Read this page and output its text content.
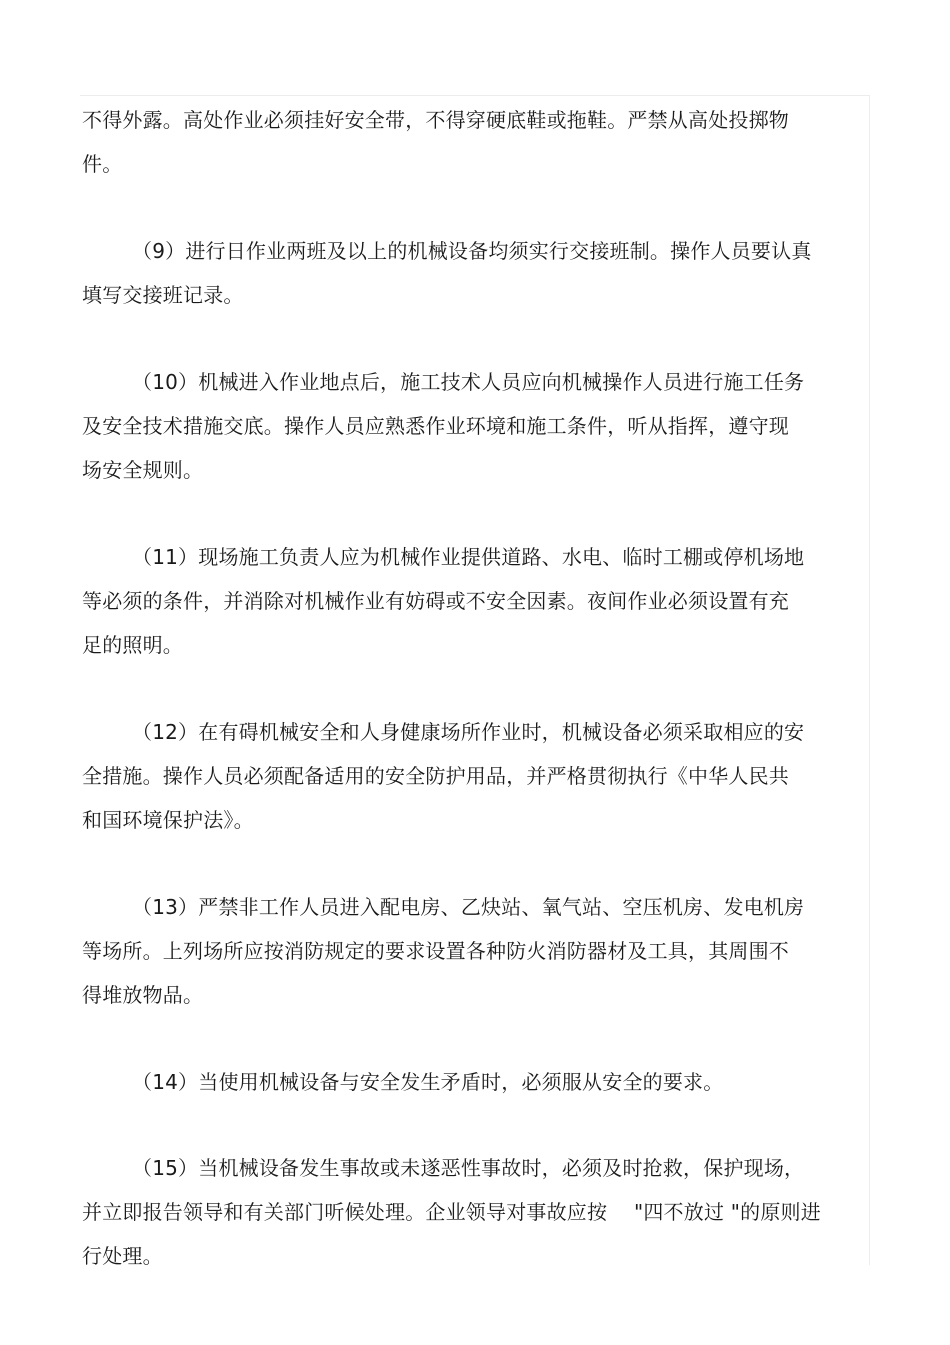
不得外露。高处作业必须挂好安全带，不得穿硬底鞋或拖鞋。严禁从高处投掷物
件。

（9）进行日作业两班及以上的机械设备均须实行交接班制。操作人员要认真
填写交接班记录。

（10）机械进入作业地点后，施工技术人员应向机械操作人员进行施工任务
及安全技术措施交底。操作人员应熟悉作业环境和施工条件，听从指挥，遵守现
场安全规则。

（11）现场施工负责人应为机械作业提供道路、水电、临时工棚或停机场地
等必须的条件，并消除对机械作业有妨碍或不安全因素。夜间作业必须设置有充
足的照明。

（12）在有碍机械安全和人身健康场所作业时，机械设备必须采取相应的安
全措施。操作人员必须配备适用的安全防护用品，并严格贯彻执行《中华人民共
和国环境保护法》。

（13）严禁非工作人员进入配电房、乙炔站、氧气站、空压机房、发电机房
等场所。上列场所应按消防规定的要求设置各种防火消防器材及工具，其周围不
得堆放物品。

（14）当使用机械设备与安全发生矛盾时，必须服从安全的要求。

（15）当机械设备发生事故或未遂恶性事故时，必须及时抢救，保护现场，
并立即报告领导和有关部门听候处理。企业领导对事故应按　 "四不放过 "的原则进
行处理。
